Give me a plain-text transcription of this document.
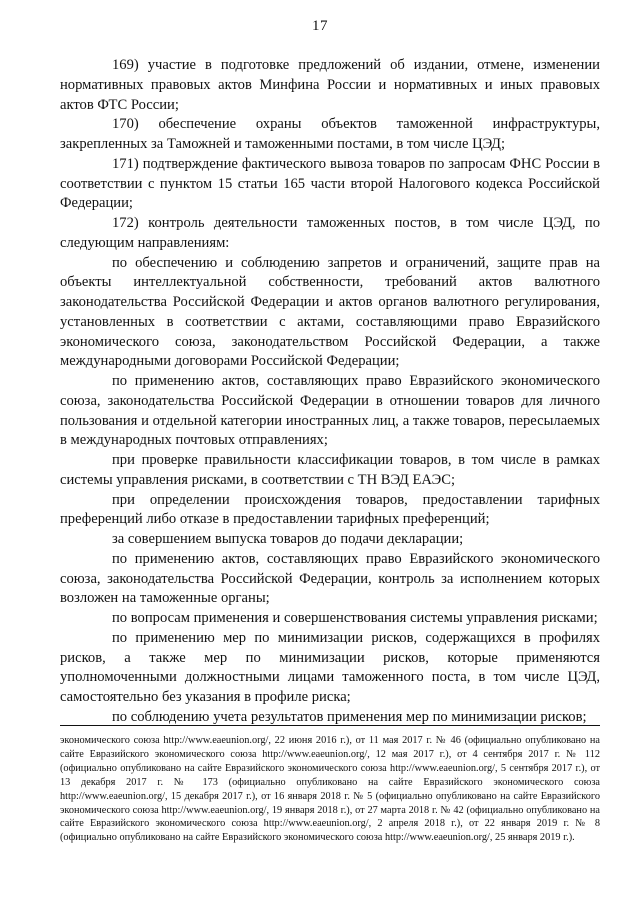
17

169) участие в подготовке предложений об издании, отмене, изменении нормативных правовых актов Минфина России и нормативных и иных правовых актов ФТС России;

170) обеспечение охраны объектов таможенной инфраструктуры, закрепленных за Таможней и таможенными постами, в том числе ЦЭД;

171) подтверждение фактического вывоза товаров по запросам ФНС России в соответствии с пунктом 15 статьи 165 части второй Налогового кодекса Российской Федерации;

172) контроль деятельности таможенных постов, в том числе ЦЭД, по следующим направлениям:

по обеспечению и соблюдению запретов и ограничений, защите прав на объекты интеллектуальной собственности, требований актов валютного законодательства Российской Федерации и актов органов валютного регулирования, установленных в соответствии с актами, составляющими право Евразийского экономического союза, законодательством Российской Федерации, а также международными договорами Российской Федерации;

по применению актов, составляющих право Евразийского экономического союза, законодательства Российской Федерации в отношении товаров для личного пользования и отдельной категории иностранных лиц, а также товаров, пересылаемых в международных почтовых отправлениях;

при проверке правильности классификации товаров, в том числе в рамках системы управления рисками, в соответствии с ТН ВЭД ЕАЭС;

при определении происхождения товаров, предоставлении тарифных преференций либо отказе в предоставлении тарифных преференций;

за совершением выпуска товаров до подачи декларации;

по применению актов, составляющих право Евразийского экономического союза, законодательства Российской Федерации, контроль за исполнением которых возложен на таможенные органы;

по вопросам применения и совершенствования системы управления рисками;

по применению мер по минимизации рисков, содержащихся в профилях рисков, а также мер по минимизации рисков, которые применяются уполномоченными должностными лицами таможенного поста, в том числе ЦЭД, самостоятельно без указания в профиле риска;

по соблюдению учета результатов применения мер по минимизации рисков;

экономического союза http://www.eaeunion.org/, 22 июня 2016 г.), от 11 мая 2017 г. № 46 (официально опубликовано на сайте Евразийского экономического союза http://www.eaeunion.org/, 12 мая 2017 г.), от 4 сентября 2017 г. № 112 (официально опубликовано на сайте Евразийского экономического союза http://www.eaeunion.org/, 5 сентября 2017 г.), от 13 декабря 2017 г. № 173 (официально опубликовано на сайте Евразийского экономического союза http://www.eaeunion.org/, 15 декабря 2017 г.), от 16 января 2018 г. № 5 (официально опубликовано на сайте Евразийского экономического союза http://www.eaeunion.org/, 19 января 2018 г.), от 27 марта 2018 г. № 42 (официально опубликовано на сайте Евразийского экономического союза http://www.eaeunion.org/, 2 апреля 2018 г.), от 22 января 2019 г. № 8 (официально опубликовано на сайте Евразийского экономического союза http://www.eaeunion.org/, 25 января 2019 г.).
